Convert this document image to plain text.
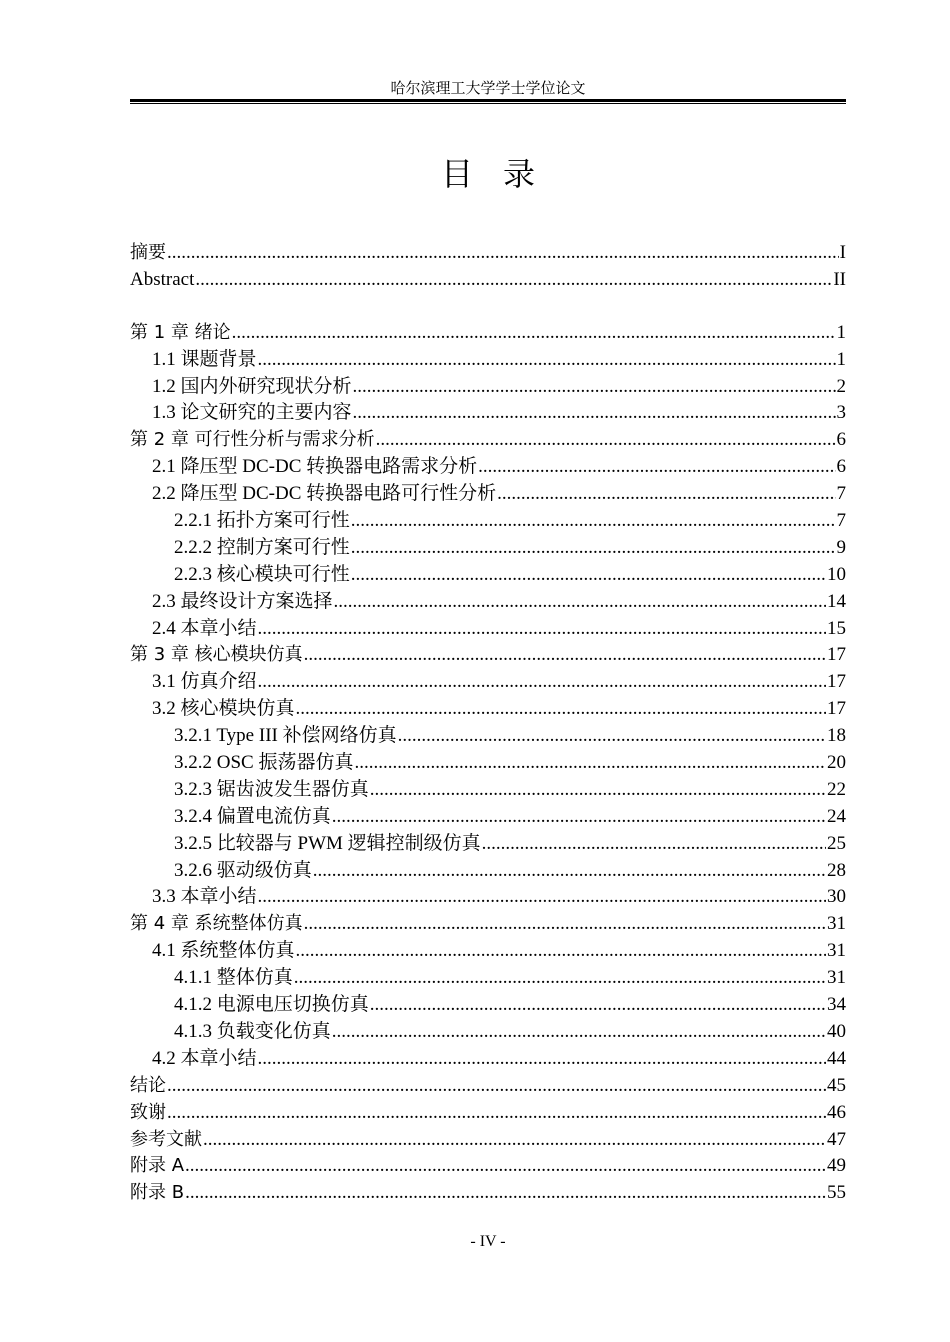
哈尔滨理工大学学士学位论文
目录
摘要 .....	I
Abstract .....	II
第 1 章 绪论 .....	1
1.1 课题背景 .....	1
1.2 国内外研究现状分析 .....	2
1.3 论文研究的主要内容 .....	3
第 2 章 可行性分析与需求分析 .....	6
2.1 降压型 DC-DC 转换器电路需求分析 .....	6
2.2 降压型 DC-DC 转换器电路可行性分析 .....	7
2.2.1 拓扑方案可行性 .....	7
2.2.2 控制方案可行性 .....	9
2.2.3 核心模块可行性 .....	10
2.3 最终设计方案选择 .....	14
2.4 本章小结 .....	15
第 3 章 核心模块仿真 .....	17
3.1 仿真介绍 .....	17
3.2 核心模块仿真 .....	17
3.2.1 Type III 补偿网络仿真 .....	18
3.2.2 OSC 振荡器仿真 .....	20
3.2.3 锯齿波发生器仿真 .....	22
3.2.4 偏置电流仿真 .....	24
3.2.5 比较器与 PWM 逻辑控制级仿真 .....	25
3.2.6 驱动级仿真 .....	28
3.3 本章小结 .....	30
第 4 章 系统整体仿真 .....	31
4.1 系统整体仿真 .....	31
4.1.1 整体仿真 .....	31
4.1.2 电源电压切换仿真 .....	34
4.1.3 负载变化仿真 .....	40
4.2 本章小结 .....	44
结论 .....	45
致谢 .....	46
参考文献 .....	47
附录 A .....	49
附录 B .....	55
- IV -
